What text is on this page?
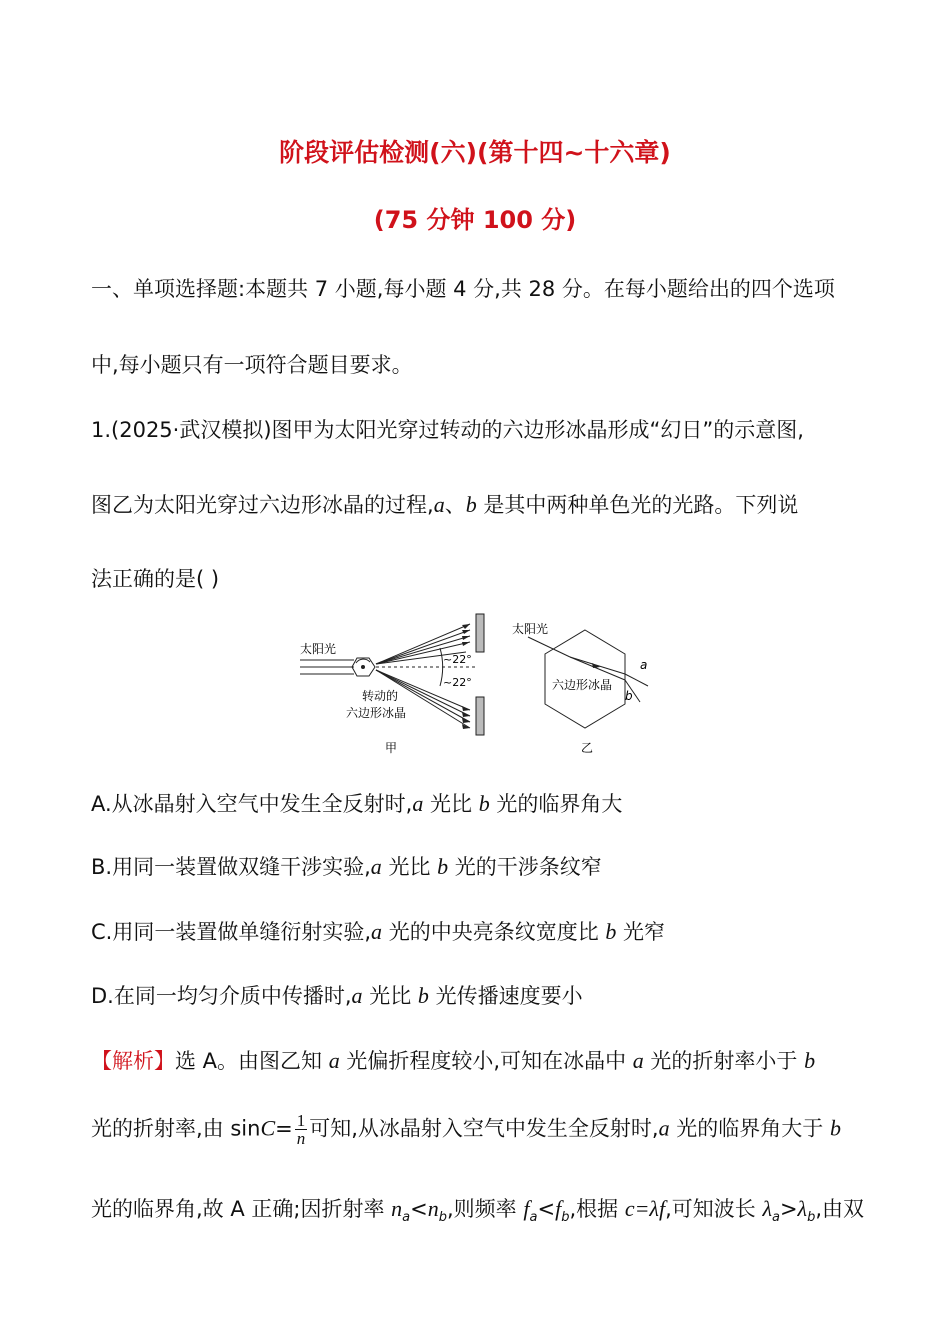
阶段评估检测(六)(第十四~十六章)
(75 分钟 100 分)
一、单项选择题:本题共 7 小题,每小题 4 分,共 28 分。在每小题给出的四个选项
中,每小题只有一项符合题目要求。
1.(2025·武汉模拟)图甲为太阳光穿过转动的六边形冰晶形成“幻日”的示意图,
图乙为太阳光穿过六边形冰晶的过程,a、b 是其中两种单色光的光路。下列说
法正确的是( )
太阳光
~22°
~22°
转动的
六边形冰晶
甲
太阳光
a
b
六边形冰晶
乙
A.从冰晶射入空气中发生全反射时,a 光比 b 光的临界角大
B.用同一装置做双缝干涉实验,a 光比 b 光的干涉条纹窄
C.用同一装置做单缝衍射实验,a 光的中央亮条纹宽度比 b 光窄
D.在同一均匀介质中传播时,a 光比 b 光传播速度要小
【解析】选 A。由图乙知 a 光偏折程度较小,可知在冰晶中 a 光的折射率小于 b
光的折射率,由 $\sin C= \frac{1}{n}$ 可知,从冰晶射入空气中发生全反射时,a 光的临界角大于 b
光的临界角,故 A 正确;因折射率 $n_a<n_b$,则频率 $f_a<f_b$,根据 c=λf,可知波长 $\lambda_a>\lambda_b$,由双
